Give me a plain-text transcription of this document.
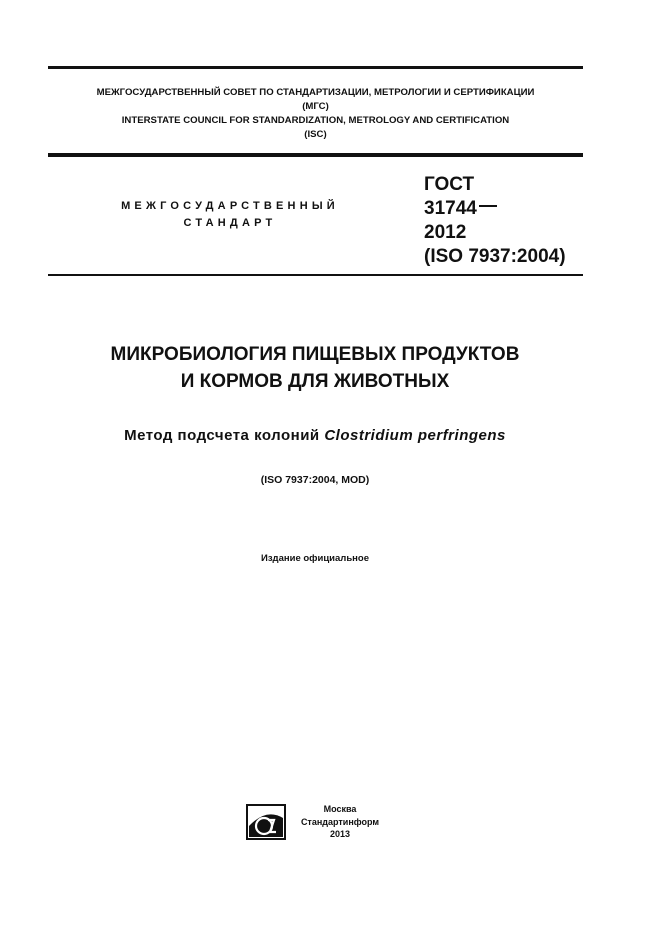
МЕЖГОСУДАРСТВЕННЫЙ СОВЕТ ПО СТАНДАРТИЗАЦИИ, МЕТРОЛОГИИ И СЕРТИФИКАЦИИ
(МГС)
INTERSTATE COUNCIL FOR STANDARDIZATION, METROLOGY AND CERTIFICATION
(ISC)
МЕЖГОСУДАРСТВЕННЫЙ
СТАНДАРТ
ГОСТ
31744
2012
(ISO 7937:2004)
МИКРОБИОЛОГИЯ ПИЩЕВЫХ ПРОДУКТОВ
И КОРМОВ ДЛЯ ЖИВОТНЫХ
Метод подсчета колоний Clostridium perfringens
(ISO 7937:2004, MOD)
Издание официальное
Москва
Стандартинформ
2013
